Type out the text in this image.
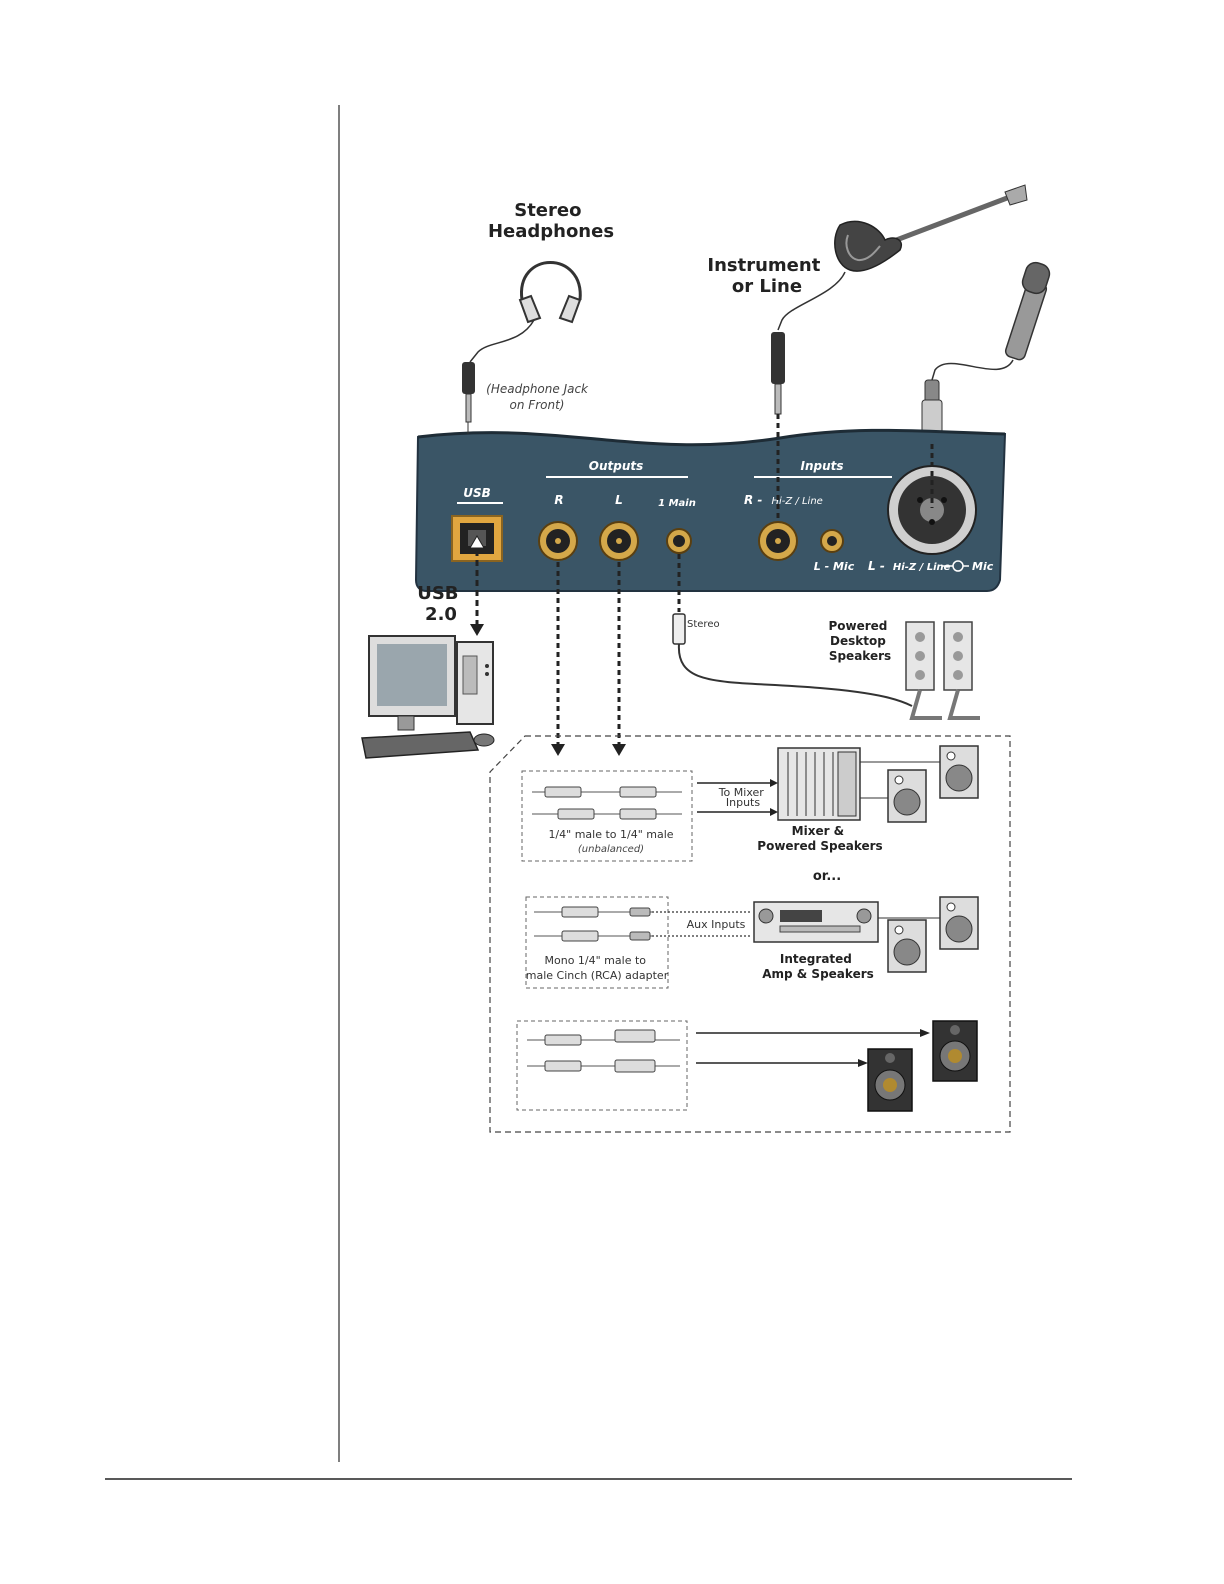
Stereo Headphones
(Headphone Jack on Front)
Instrument or Line
Outputs	Inputs
USB	R	L	1 Main	R - Hi-Z / Line
L - Mic L - Hi-Z / Line Mic
USB 2.0	Stereo	Powered Desktop Speakers
1/4" male to 1/4" male
(unbalanced)
To Mixer Inputs
Mixer & Powered Speakers
or...
Mono 1/4" male to male Cinch (RCA) adapter
Aux Inputs
Integrated Amp & Speakers
